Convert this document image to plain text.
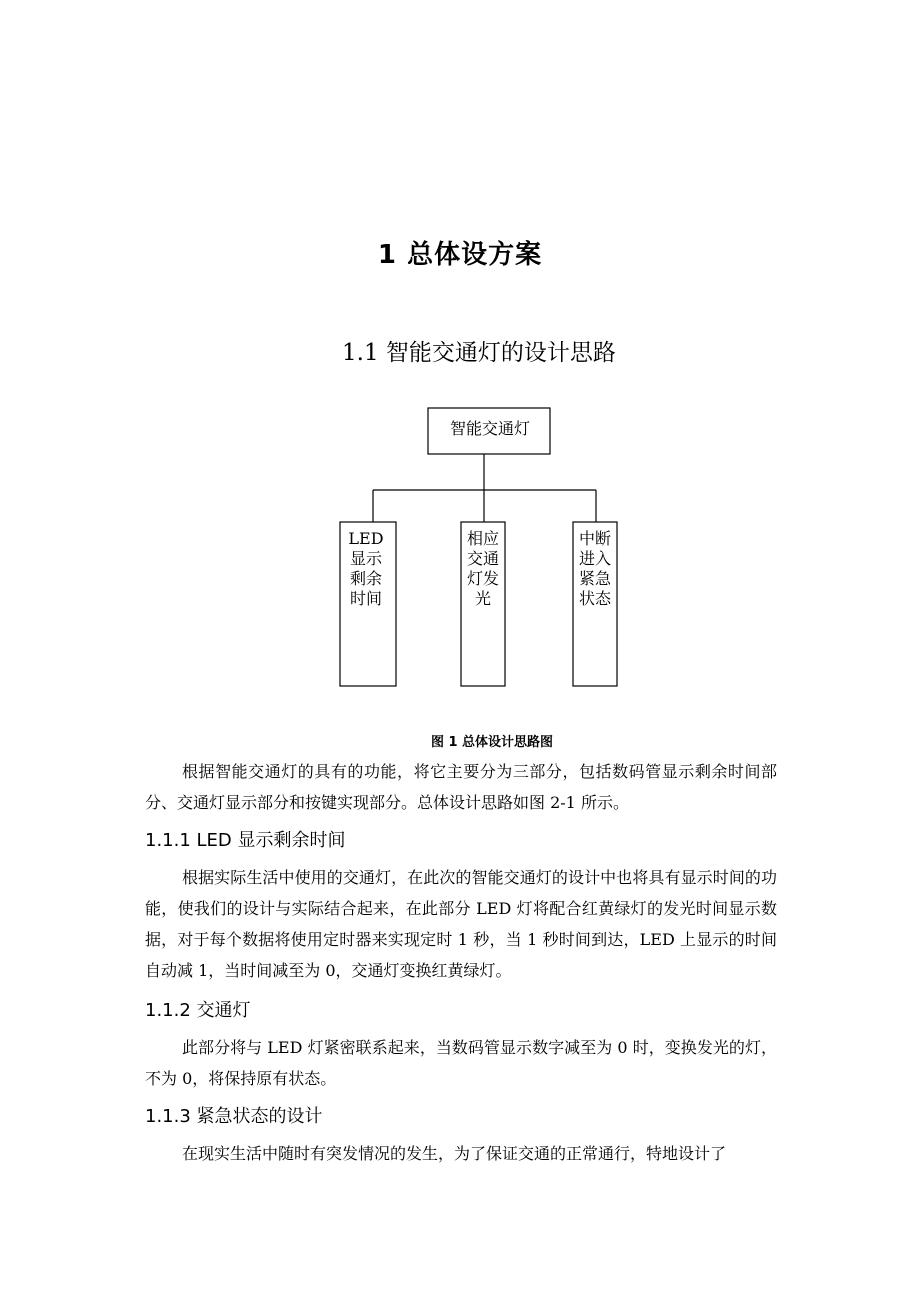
1 总体设方案
1.1 智能交通灯的设计思路
智能交通灯
LED显示剩余时间
相应交通灯发光
中断进入紧急状态
图 1 总体设计思路图

根据智能交通灯的具有的功能，将它主要分为三部分，包括数码管显示剩余时间部分、交通灯显示部分和按键实现部分。总体设计思路如图 2-1 所示。

1.1.1 LED 显示剩余时间

根据实际生活中使用的交通灯，在此次的智能交通灯的设计中也将具有显示时间的功能，使我们的设计与实际结合起来，在此部分 LED 灯将配合红黄绿灯的发光时间显示数据，对于每个数据将使用定时器来实现定时 1 秒，当 1 秒时间到达，LED 上显示的时间自动减 1，当时间减至为 0，交通灯变换红黄绿灯。

1.1.2 交通灯

此部分将与 LED 灯紧密联系起来，当数码管显示数字减至为 0 时，变换发光的灯，不为 0，将保持原有状态。

1.1.3 紧急状态的设计

在现实生活中随时有突发情况的发生，为了保证交通的正常通行，特地设计了
